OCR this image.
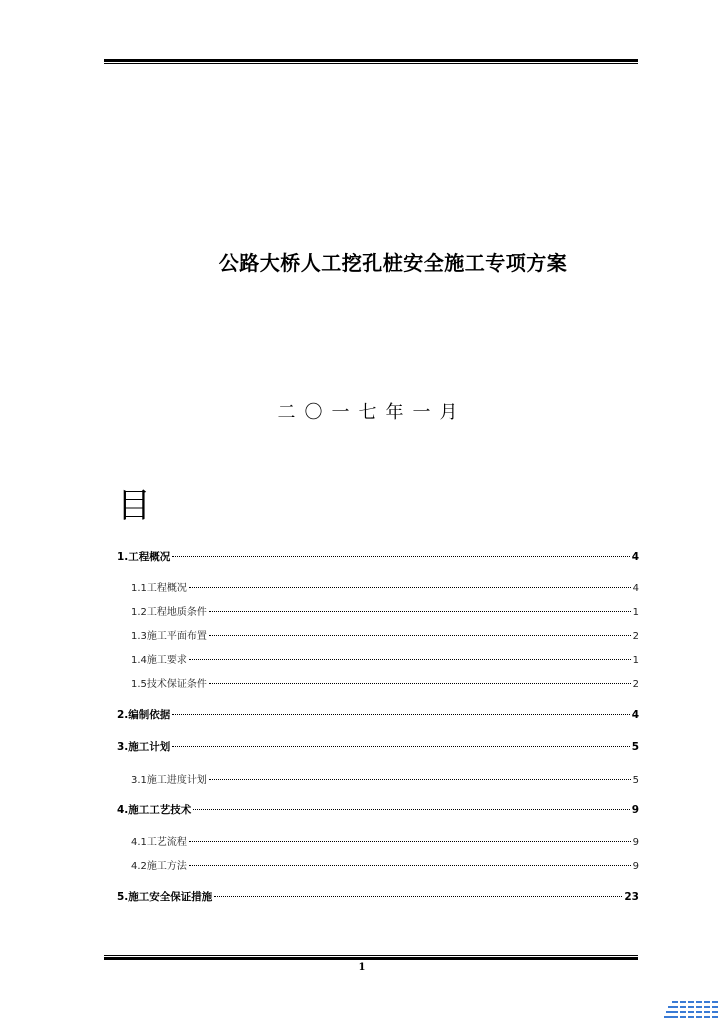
公路大桥人工挖孔桩安全施工专项方案
二〇一七年一月
目
1. 工程概况	4
1.1 工程概况	4
1.2 工程地质条件	1
1.3 施工平面布置	2
1.4 施工要求	1
1.5 技术保证条件	2
2. 编制依据	4
3. 施工计划	5
3.1 施工进度计划	5
4. 施工工艺技术	9
4.1 工艺流程	9
4.2 施工方法	9
5. 施工安全保证措施	23
1
